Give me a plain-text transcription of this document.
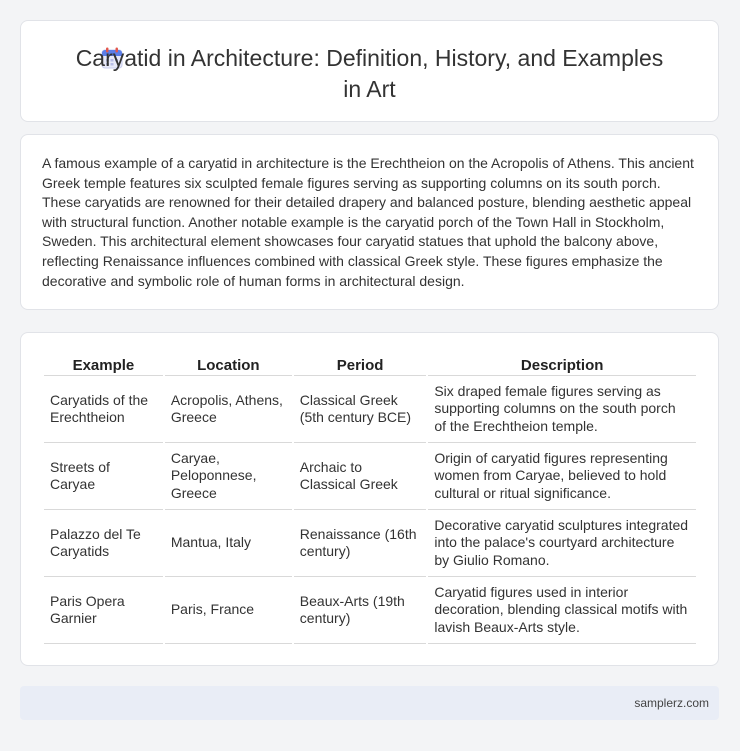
Caryatid in Architecture: Definition, History, and Examples in Art

A famous example of a caryatid in architecture is the Erechtheion on the Acropolis of Athens. This ancient Greek temple features six sculpted female figures serving as supporting columns on its south porch. These caryatids are renowned for their detailed drapery and balanced posture, blending aesthetic appeal with structural function. Another notable example is the caryatid porch of the Town Hall in Stockholm, Sweden. This architectural element showcases four caryatid statues that uphold the balcony above, reflecting Renaissance influences combined with classical Greek style. These figures emphasize the decorative and symbolic role of human forms in architectural design.

Example	Location	Period	Description
Caryatids of the Erechtheion	Acropolis, Athens, Greece	Classical Greek (5th century BCE)	Six draped female figures serving as supporting columns on the south porch of the Erechtheion temple.
Streets of Caryae	Caryae, Peloponnese, Greece	Archaic to Classical Greek	Origin of caryatid figures representing women from Caryae, believed to hold cultural or ritual significance.
Palazzo del Te Caryatids	Mantua, Italy	Renaissance (16th century)	Decorative caryatid sculptures integrated into the palace's courtyard architecture by Giulio Romano.
Paris Opera Garnier	Paris, France	Beaux-Arts (19th century)	Caryatid figures used in interior decoration, blending classical motifs with lavish Beaux-Arts style.
samplerz.com
